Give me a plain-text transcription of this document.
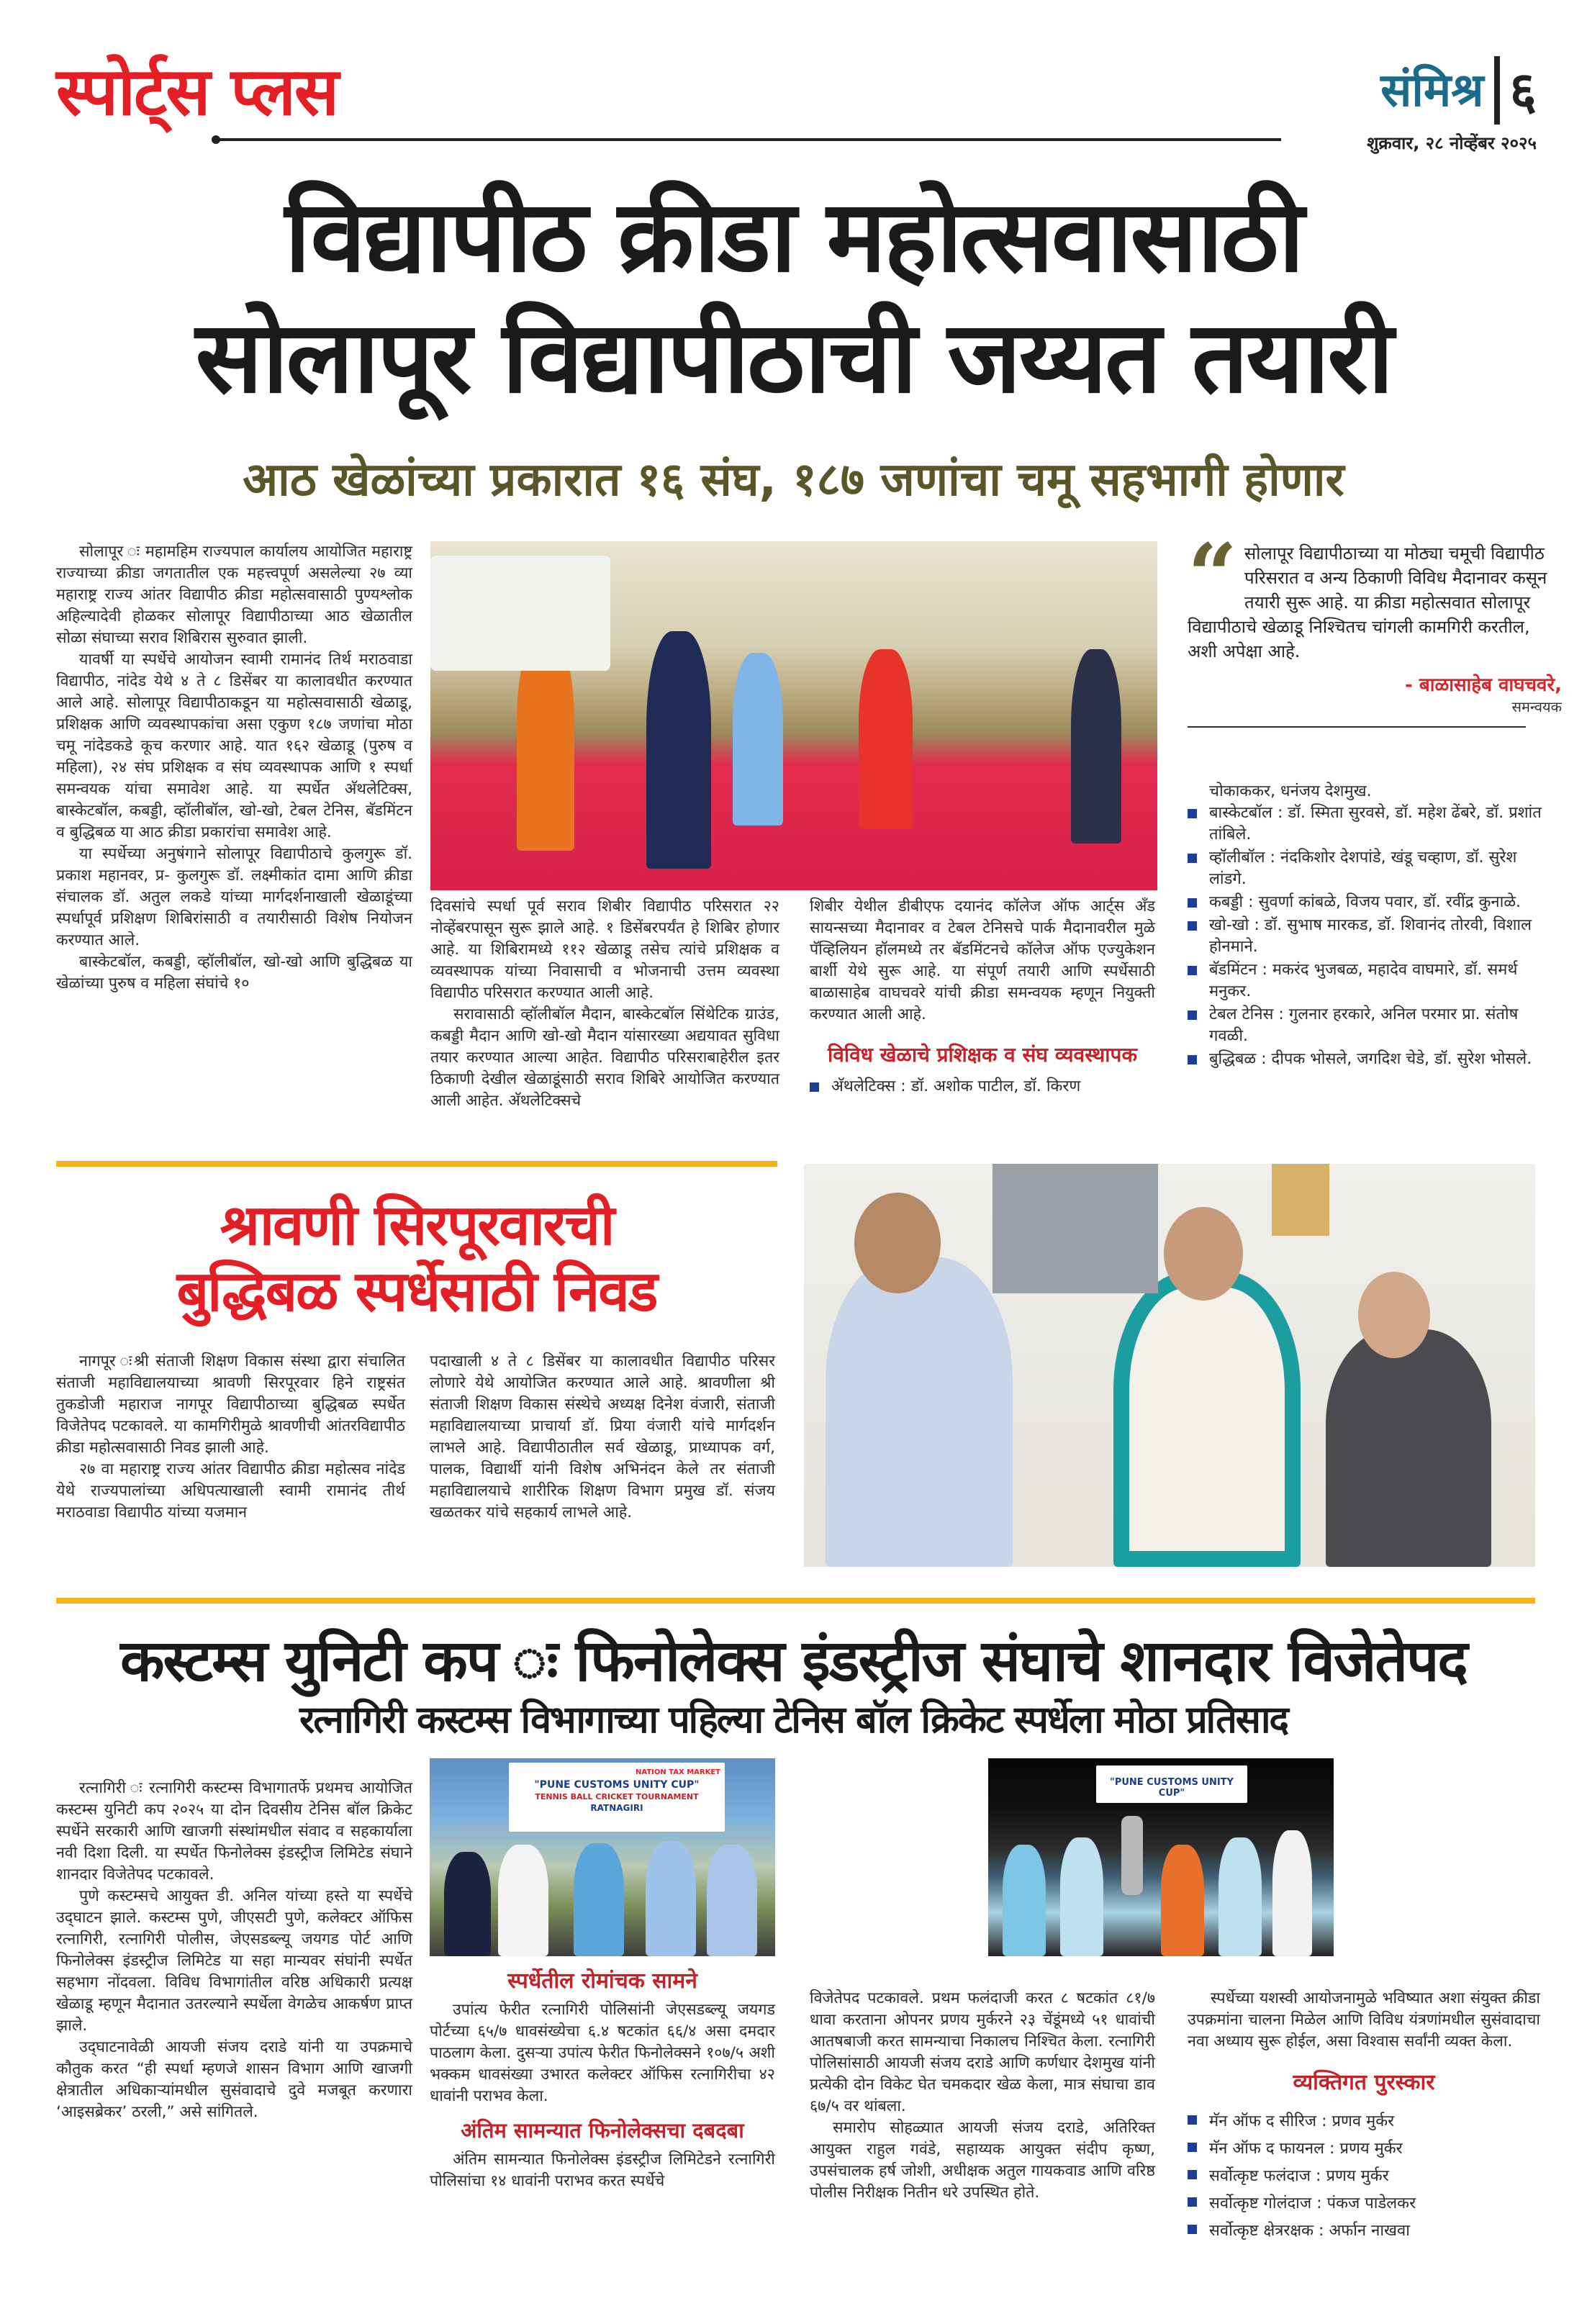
स्पोर्ट्स प्लस	संमिश्र ६
शुक्रवार, २८ नोव्हेंबर २०२५
विद्यापीठ क्रीडा महोत्सवासाठी
सोलापूर विद्यापीठाची जय्यत तयारी
आठ खेळांच्या प्रकारात १६ संघ, १८७ जणांचा चमू सहभागी होणार

सोलापूर ः महामहिम राज्यपाल कार्यालय आयोजित महाराष्ट्र राज्याच्या क्रीडा जगतातील एक महत्त्वपूर्ण असलेल्या २७ व्या महाराष्ट्र राज्य आंतर विद्यापीठ क्रीडा महोत्सवासाठी पुण्यश्लोक अहिल्यादेवी होळकर सोलापूर विद्यापीठाच्या आठ खेळातील सोळा संघाच्या सराव शिबिरास सुरुवात झाली.

यावर्षी या स्पर्धेचे आयोजन स्वामी रामानंद तिर्थ मराठवाडा विद्यापीठ, नांदेड येथे ४ ते ८ डिसेंबर या कालावधीत करण्यात आले आहे. सोलापूर विद्यापीठाकडून या महोत्सवासाठी खेळाडू, प्रशिक्षक आणि व्यवस्थापकांचा असा एकुण १८७ जणांचा मोठा चमू नांदेडकडे कूच करणार आहे. यात १६२ खेळाडू (पुरुष व महिला), २४ संघ प्रशिक्षक व संघ व्यवस्थापक आणि १ स्पर्धा समन्वयक यांचा समावेश आहे. या स्पर्धेत अ‍ॅथलेटिक्स, बास्केटबॉल, कबड्डी, व्हॉलीबॉल, खो-खो, टेबल टेनिस, बॅडमिंटन व बुद्धिबळ या आठ क्रीडा प्रकारांचा समावेश आहे.

या स्पर्धेच्या अनुषंगाने सोलापूर विद्यापीठाचे कुलगुरू डॉ. प्रकाश महानवर, प्र- कुलगुरू डॉ. लक्ष्मीकांत दामा आणि क्रीडा संचालक डॉ. अतुल लकडे यांच्या मार्गदर्शनाखाली खेळाडूंच्या स्पर्धापूर्व प्रशिक्षण शिबिरांसाठी व तयारीसाठी विशेष नियोजन करण्यात आले.

बास्केटबॉल, कबड्डी, व्हॉलीबॉल, खो-खो आणि बुद्धिबळ या खेळांच्या पुरुष व महिला संघांचे १०

दिवसांचे स्पर्धा पूर्व सराव शिबीर विद्यापीठ परिसरात २२ नोव्हेंबरपासून सुरू झाले आहे. १ डिसेंबरपर्यंत हे शिबिर होणार आहे. या शिबिरामध्ये ११२ खेळाडू तसेच त्यांचे प्रशिक्षक व व्यवस्थापक यांच्या निवासाची व भोजनाची उत्तम व्यवस्था विद्यापीठ परिसरात करण्यात आली आहे.

सरावासाठी व्हॉलीबॉल मैदान, बास्केटबॉल सिंथेटिक ग्राउंड, कबड्डी मैदान आणि खो-खो मैदान यांसारख्या अद्ययावत सुविधा तयार करण्यात आल्या आहेत. विद्यापीठ परिसराबाहेरील इतर ठिकाणी देखील खेळाडूंसाठी सराव शिबिरे आयोजित करण्यात आली आहेत. अ‍ॅथलेटिक्सचे

शिबीर येथील डीबीएफ दयानंद कॉलेज ऑफ आर्ट्स अँड सायन्सच्या मैदानावर व टेबल टेनिसचे पार्क मैदानावरील मुळे पॅव्हिलियन हॉलमध्ये तर बॅडमिंटनचे कॉलेज ऑफ एज्युकेशन बार्शी येथे सुरू आहे. या संपूर्ण तयारी आणि स्पर्धेसाठी बाळासाहेब वाघचवरे यांची क्रीडा समन्वयक म्हणून नियुक्ती करण्यात आली आहे.

विविध खेळाचे प्रशिक्षक व संघ व्यवस्थापक
अ‍ॅथलेटिक्स : डॉ. अशोक पाटील, डॉ. किरण
“ सोलापूर विद्यापीठाच्या या मोठ्या चमूची विद्यापीठ परिसरात व अन्य ठिकाणी विविध मैदानावर कसून तयारी सुरू आहे. या क्रीडा महोत्सवात सोलापूर विद्यापीठाचे खेळाडू निश्चितच चांगली कामगिरी करतील, अशी अपेक्षा आहे.
- बाळासाहेब वाघचवरे,
समन्वयक
चोकाककर, धनंजय देशमुख.
बास्केटबॉल : डॉ. स्मिता सुरवसे, डॉ. महेश ढेंबरे, डॉ. प्रशांत तांबिले.
व्हॉलीबॉल : नंदकिशोर देशपांडे, खंडू चव्हाण, डॉ. सुरेश लांडगे.
कबड्डी : सुवर्णा कांबळे, विजय पवार, डॉ. रवींद्र कुनाळे.
खो-खो : डॉ. सुभाष मारकड, डॉ. शिवानंद तोरवी, विशाल होनमाने.
बॅडमिंटन : मकरंद भुजबळ, महादेव वाघमारे, डॉ. समर्थ मनुकर.
टेबल टेनिस : गुलनार हरकारे, अनिल परमार प्रा. संतोष गवळी.
बुद्धिबळ : दीपक भोसले, जगदिश चेडे, डॉ. सुरेश भोसले.
श्रावणी सिरपूरवारची
बुद्धिबळ स्पर्धेसाठी निवड

नागपूर ःश्री संताजी शिक्षण विकास संस्था द्वारा संचालित संताजी महाविद्यालयाच्या श्रावणी सिरपूरवार हिने राष्ट्रसंत तुकडोजी महाराज नागपूर विद्यापीठाच्या बुद्धिबळ स्पर्धेत विजेतेपद पटकावले. या कामगिरीमुळे श्रावणीची आंतरविद्यापीठ क्रीडा महोत्सवासाठी निवड झाली आहे.

२७ वा महाराष्ट्र राज्य आंतर विद्यापीठ क्रीडा महोत्सव नांदेड येथे राज्यपालांच्या अधिपत्याखाली स्वामी रामानंद तीर्थ मराठवाडा विद्यापीठ यांच्या यजमान

पदाखाली ४ ते ८ डिसेंबर या कालावधीत विद्यापीठ परिसर लोणारे येथे आयोजित करण्यात आले आहे. श्रावणीला श्री संताजी शिक्षण विकास संस्थेचे अध्यक्ष दिनेश वंजारी, संताजी महाविद्यालयाच्या प्राचार्या डॉ. प्रिया वंजारी यांचे मार्गदर्शन लाभले आहे. विद्यापीठातील सर्व खेळाडू, प्राध्यापक वर्ग, पालक, विद्यार्थी यांनी विशेष अभिनंदन केले तर संताजी महाविद्यालयाचे शारीरिक शिक्षण विभाग प्रमुख डॉ. संजय खळतकर यांचे सहकार्य लाभले आहे.

कस्टम्स युनिटी कप ः फिनोलेक्स इंडस्ट्रीज संघाचे शानदार विजेतेपद
रत्नागिरी कस्टम्स विभागाच्या पहिल्या टेनिस बॉल क्रिकेट स्पर्धेला मोठा प्रतिसाद

रत्नागिरी ः रत्नागिरी कस्टम्स विभागातर्फे प्रथमच आयोजित कस्टम्स युनिटी कप २०२५ या दोन दिवसीय टेनिस बॉल क्रिकेट स्पर्धेने सरकारी आणि खाजगी संस्थांमधील संवाद व सहकार्याला नवी दिशा दिली. या स्पर्धेत फिनोलेक्स इंडस्ट्रीज लिमिटेड संघाने शानदार विजेतेपद पटकावले.

पुणे कस्टम्सचे आयुक्त डी. अनिल यांच्या हस्ते या स्पर्धेचे उद्‌घाटन झाले. कस्टम्स पुणे, जीएसटी पुणे, कलेक्टर ऑफिस रत्नागिरी, रत्नागिरी पोलीस, जेएसडब्ल्यू जयगड पोर्ट आणि फिनोलेक्स इंडस्ट्रीज लिमिटेड या सहा मान्यवर संघांनी स्पर्धेत सहभाग नोंदवला. विविध विभागांतील वरिष्ठ अधिकारी प्रत्यक्ष खेळाडू म्हणून मैदानात उतरल्याने स्पर्धेला वेगळेच आकर्षण प्राप्त झाले.

उद्‌घाटनावेळी आयजी संजय दराडे यांनी या उपक्रमाचे कौतुक करत “ही स्पर्धा म्हणजे शासन विभाग आणि खाजगी क्षेत्रातील अधिकाऱ्यांमधील सुसंवादाचे दुवे मजबूत करणारा ‘आइसब्रेकर’ ठरली,” असे सांगितले.

NATION TAX MARKET
"PUNE CUSTOMS UNITY CUP"
TENNIS BALL CRICKET TOURNAMENT
RATNAGIRI
"PUNE CUSTOMS UNITY CUP"
स्पर्धेतील रोमांचक सामने

उपांत्य फेरीत रत्नागिरी पोलिसांनी जेएसडब्ल्यू जयगड पोर्टच्या ६५/७ धावसंख्येचा ६.४ षटकांत ६६/४ असा दमदार पाठलाग केला. दुसऱ्या उपांत्य फेरीत फिनोलेक्सने १०७/५ अशी भक्कम धावसंख्या उभारत कलेक्टर ऑफिस रत्नागिरीचा ४२ धावांनी पराभव केला.

अंतिम सामन्यात फिनोलेक्सचा दबदबा

अंतिम सामन्यात फिनोलेक्स इंडस्ट्रीज लिमिटेडने रत्नागिरी पोलिसांचा १४ धावांनी पराभव करत स्पर्धेचे

विजेतेपद पटकावले. प्रथम फलंदाजी करत ८ षटकांत ८१/७ धावा करताना ओपनर प्रणय मुर्करने २३ चेंडूंमध्ये ५१ धावांची आतषबाजी करत सामन्याचा निकालच निश्चित केला. रत्नागिरी पोलिसांसाठी आयजी संजय दराडे आणि कर्णधार देशमुख यांनी प्रत्येकी दोन विकेट घेत चमकदार खेळ केला, मात्र संघाचा डाव ६७/५ वर थांबला.

समारोप सोहळ्यात आयजी संजय दराडे, अतिरिक्त आयुक्त राहुल गवंडे, सहाय्यक आयुक्त संदीप कृष्ण, उपसंचालक हर्ष जोशी, अधीक्षक अतुल गायकवाड आणि वरिष्ठ पोलीस निरीक्षक नितीन धरे उपस्थित होते.

स्पर्धेच्या यशस्वी आयोजनामुळे भविष्यात अशा संयुक्त क्रीडा उपक्रमांना चालना मिळेल आणि विविध यंत्रणांमधील सुसंवादाचा नवा अध्याय सुरू होईल, असा विश्वास सर्वांनी व्यक्त केला.

व्यक्तिगत पुरस्कार
मॅन ऑफ द सीरिज : प्रणव मुर्कर
मॅन ऑफ द फायनल : प्रणय मुर्कर
सर्वोत्कृष्ट फलंदाज : प्रणय मुर्कर
सर्वोत्कृष्ट गोलंदाज : पंकज पाडेलकर
सर्वोत्कृष्ट क्षेत्ररक्षक : अर्फान नाखवा
